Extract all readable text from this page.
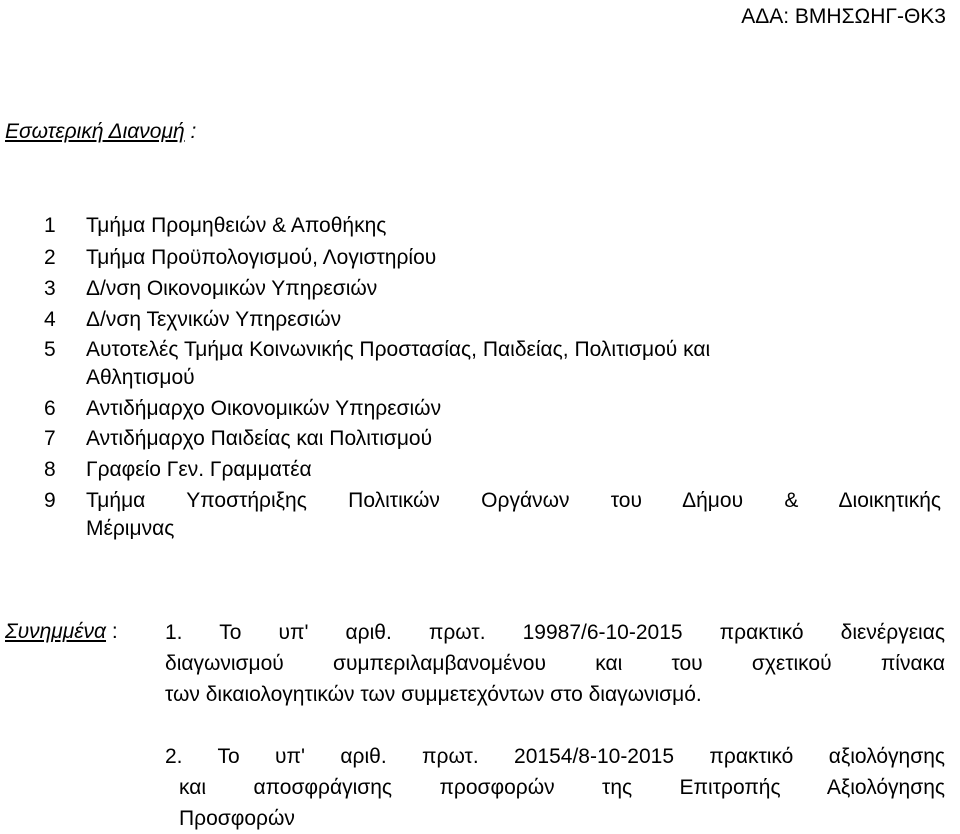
ΑΔΑ: ΒΜΗΣΩΗΓ-ΘΚ3
Εσωτερική Διανομή :
1	Τμήμα Προμηθειών & Αποθήκης
2	Τμήμα Προϋπολογισμού, Λογιστηρίου
3	Δ/νση Οικονομικών Υπηρεσιών
4	Δ/νση Τεχνικών Υπηρεσιών
5	Αυτοτελές Τμήμα Κοινωνικής Προστασίας, Παιδείας, Πολιτισμού και
Αθλητισμού
6	Αντιδήμαρχο Οικονομικών Υπηρεσιών
7	Αντιδήμαρχο Παιδείας και Πολιτισμού
8	Γραφείο Γεν. Γραμματέα
9	Τμήμα Υποστήριξης Πολιτικών Οργάνων του Δήμου & Διοικητικής
Μέριμνας
Συνημμένα : 1. Το υπ' αριθ. πρωτ. 19987/6-10-2015 πρακτικό διενέργειας
διαγωνισμού συμπεριλαμβανομένου και του σχετικού πίνακα
των δικαιολογητικών των συμμετεχόντων στο διαγωνισμό.
2. Το υπ' αριθ. πρωτ. 20154/8-10-2015 πρακτικό αξιολόγησης
και αποσφράγισης προσφορών της Επιτροπής Αξιολόγησης
Προσφορών
